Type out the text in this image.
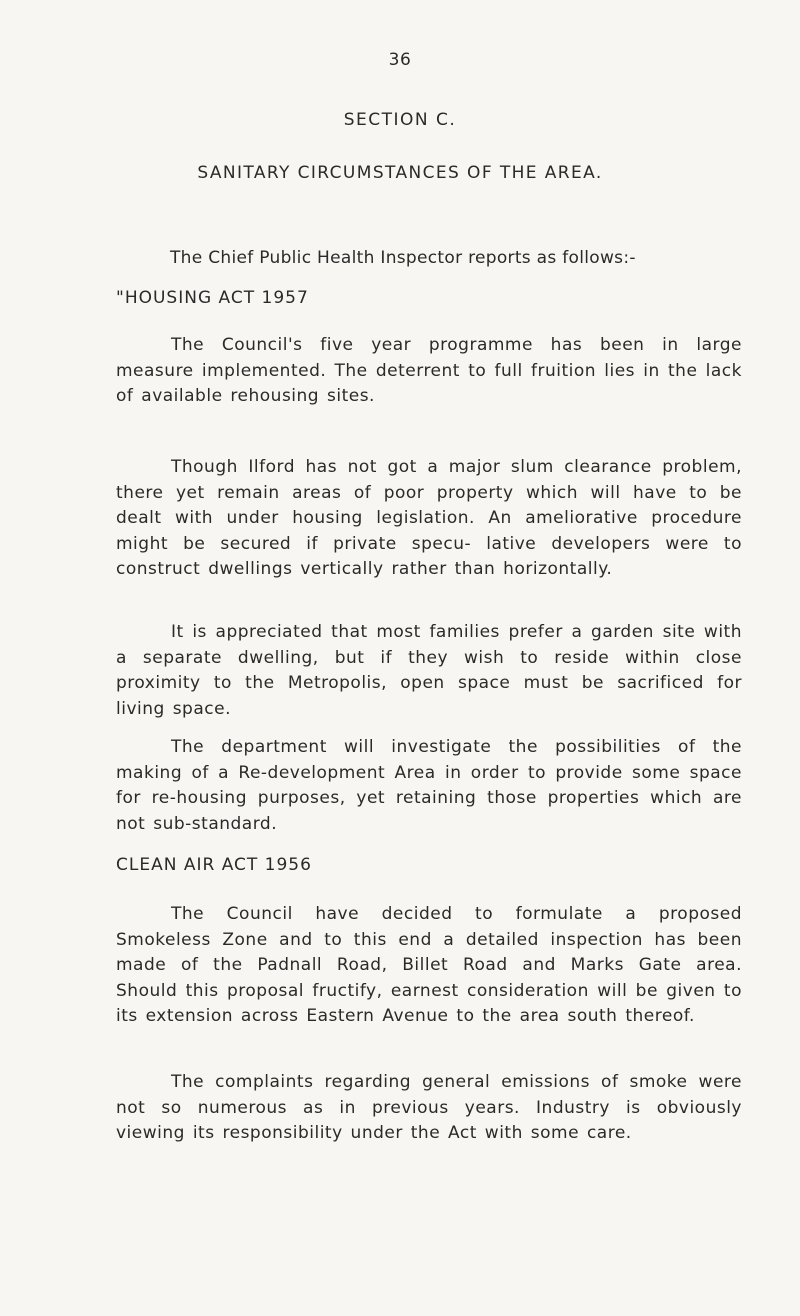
36
SECTION C.
SANITARY CIRCUMSTANCES OF THE AREA.
The Chief Public Health Inspector reports as follows:-
"HOUSING ACT 1957
The Council's five year programme has been in large measure implemented. The deterrent to full fruition lies in the lack of available rehousing sites.
Though Ilford has not got a major slum clearance problem, there yet remain areas of poor property which will have to be dealt with under housing legislation. An ameliorative procedure might be secured if private specu- lative developers were to construct dwellings vertically rather than horizontally.
It is appreciated that most families prefer a garden site with a separate dwelling, but if they wish to reside within close proximity to the Metropolis, open space must be sacrificed for living space.
The department will investigate the possibilities of the making of a Re-development Area in order to provide some space for re-housing purposes, yet retaining those properties which are not sub-standard.
CLEAN AIR ACT 1956
The Council have decided to formulate a proposed Smokeless Zone and to this end a detailed inspection has been made of the Padnall Road, Billet Road and Marks Gate area. Should this proposal fructify, earnest consideration will be given to its extension across Eastern Avenue to the area south thereof.
The complaints regarding general emissions of smoke were not so numerous as in previous years. Industry is obviously viewing its responsibility under the Act with some care.
